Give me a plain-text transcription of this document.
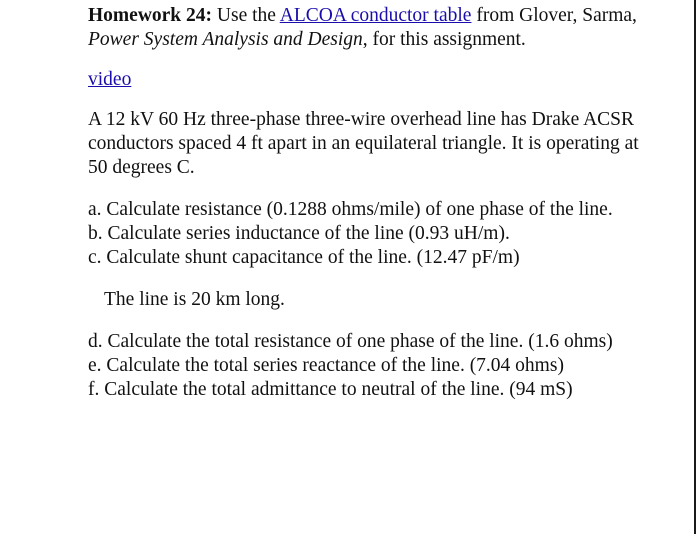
Homework 24: Use the ALCOA conductor table from Glover, Sarma,
Power System Analysis and Design, for this assignment.

video

A 12 kV 60 Hz three-phase three-wire overhead line has Drake ACSR
conductors spaced 4 ft apart in an equilateral triangle. It is operating at
50 degrees C.

a. Calculate resistance (0.1288 ohms/mile) of one phase of the line.
b. Calculate series inductance of the line (0.93 uH/m).
c. Calculate shunt capacitance of the line. (12.47 pF/m)

The line is 20 km long.

d. Calculate the total resistance of one phase of the line. (1.6 ohms)
e. Calculate the total series reactance of the line. (7.04 ohms)
f. Calculate the total admittance to neutral of the line. (94 mS)
